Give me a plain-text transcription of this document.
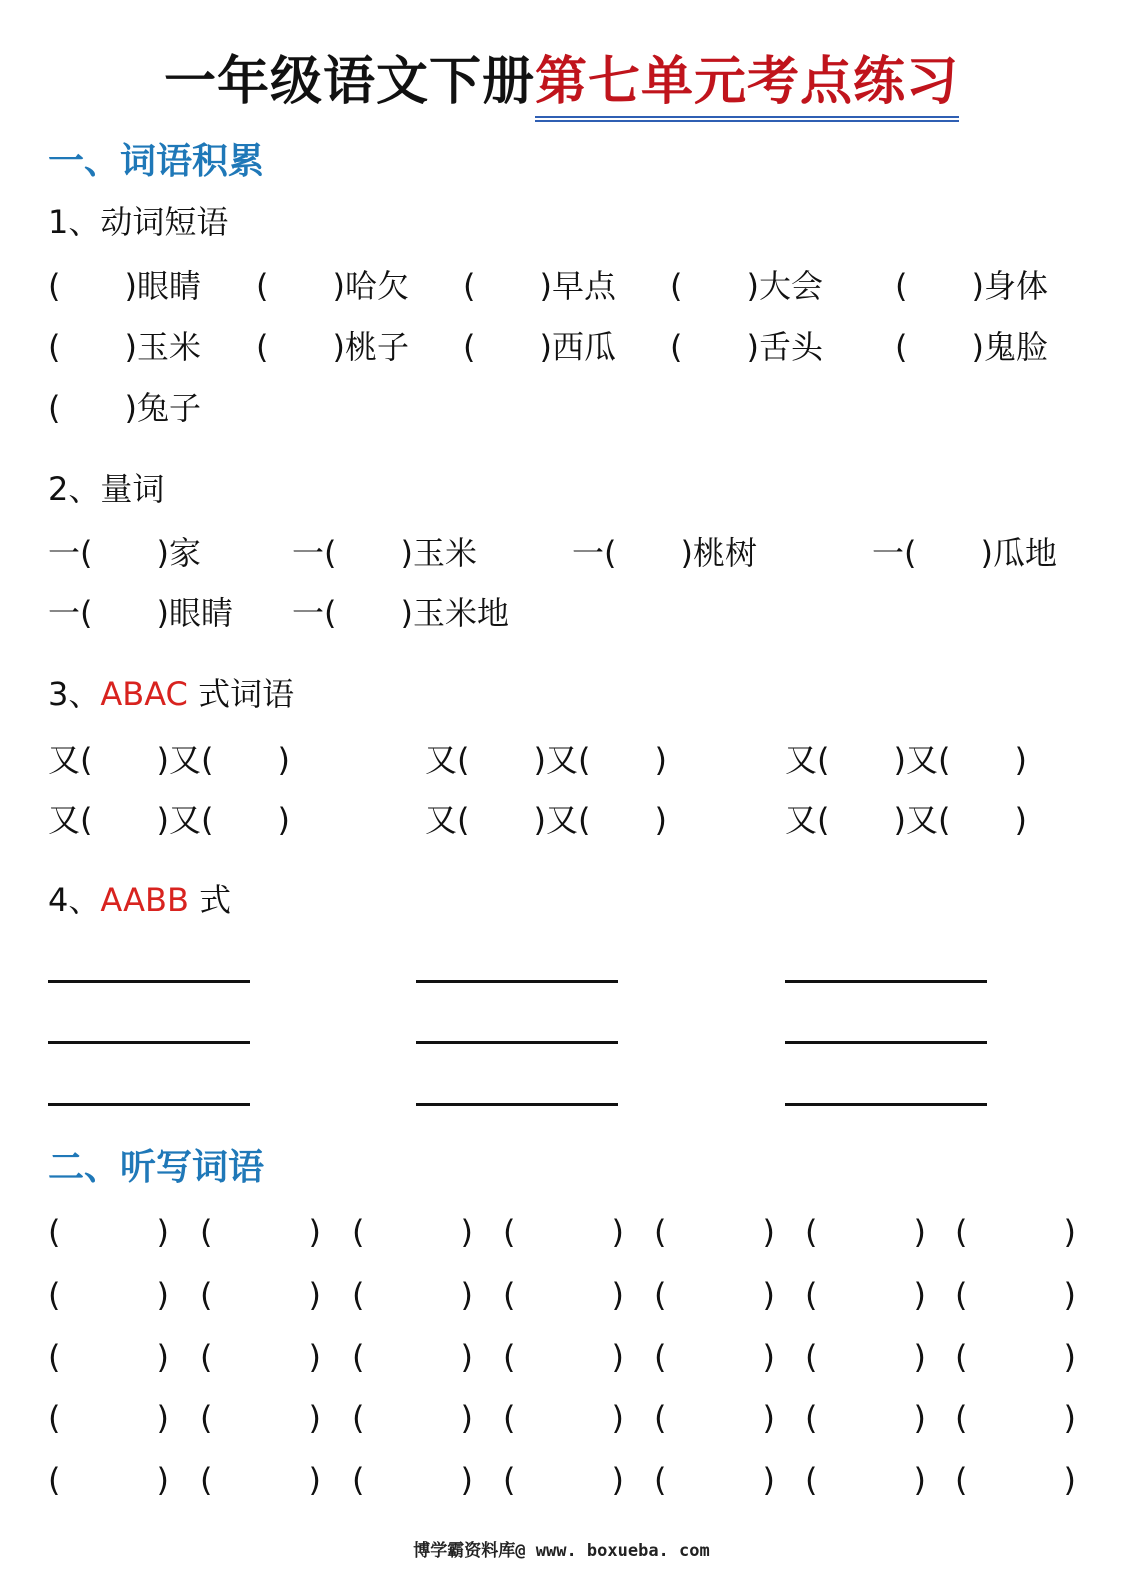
一年级语文下册第七单元考点练习
一、词语积累
1、动词短语
(　　)眼睛 (　　)哈欠 (　　)早点 (　　)大会 (　　)身体
(　　)玉米 (　　)桃子 (　　)西瓜 (　　)舌头 (　　)鬼脸
(　　)兔子
2、量词
一(　　)家	一(　　)玉米	一(　　)桃树	一(　　)瓜地
一(　　)眼睛 一(　　)玉米地
3、ABAC 式词语
又(　　)又(　　)	又(　　)又(　　)	又(　　)又(　　)
又(　　)又(　　)	又(　　)又(　　)	又(　　)又(　　)
4、AABB 式
二、听写词语
(　　　) (　　　) (　　　) (　　　) (　　　) (　　　) (　　　)
(　　　) (　　　) (　　　) (　　　) (　　　) (　　　) (　　　)
(　　　) (　　　) (　　　) (　　　) (　　　) (　　　) (　　　)
(　　　) (　　　) (　　　) (　　　) (　　　) (　　　) (　　　)
(　　　) (　　　) (　　　) (　　　) (　　　) (　　　) (　　　)
博学霸资料库@ www. boxueba. com
